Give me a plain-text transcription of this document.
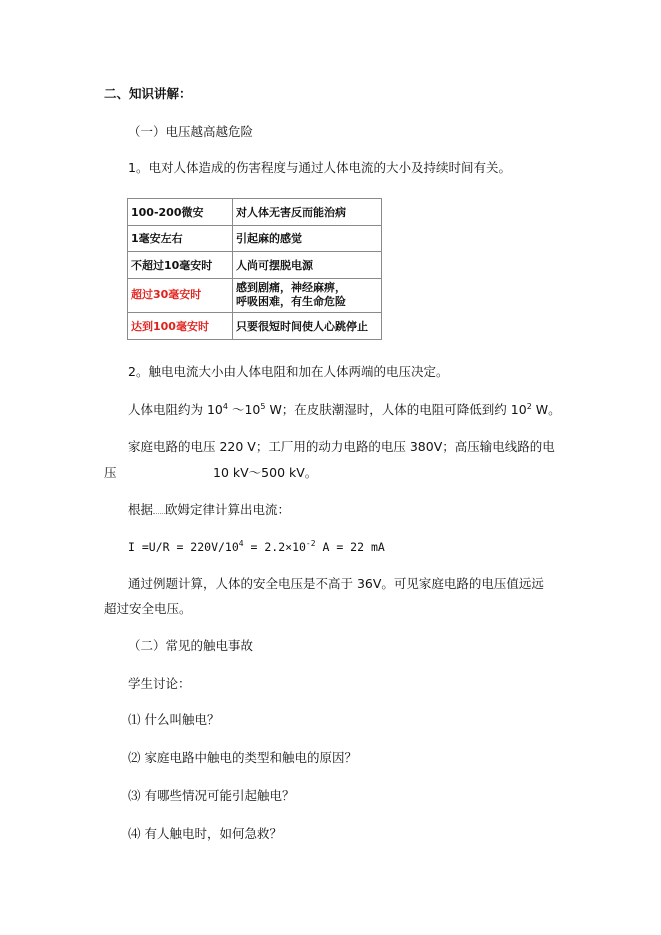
二、知识讲解：
（一）电压越高越危险
1。电对人体造成的伤害程度与通过人体电流的大小及持续时间有关。
100-200微安	对人体无害反而能治病
1毫安左右	引起麻的感觉
不超过10毫安时	人尚可摆脱电源
超过30毫安时	感到剧痛，神经麻痹，
呼吸困难，有生命危险

达到100毫安时	只要很短时间使人心跳停止
2。触电电流大小由人体电阻和加在人体两端的电压决定。
人体电阻约为 $10^4$ $\sim 10^5$ W；在皮肤潮湿时，人体的电阻可降低到约 $10^2$ W。
家庭电路的电压 220 V；工厂用的动力电路的电压 380V；高压输电线路的电
压	10 kV～500 kV。
根据 欧姆定律计算出电流：
$I =U/R = 220V/10^4 = 2.2\times 10^{-2}$ A = 22 mA
通过例题计算，人体的安全电压是不高于 36V。可见家庭电路的电压值远远
超过安全电压。
（二）常见的触电事故
学生讨论：
⑴ 什么叫触电？
⑵ 家庭电路中触电的类型和触电的原因？
⑶ 有哪些情况可能引起触电？
⑷ 有人触电时，如何急救？
